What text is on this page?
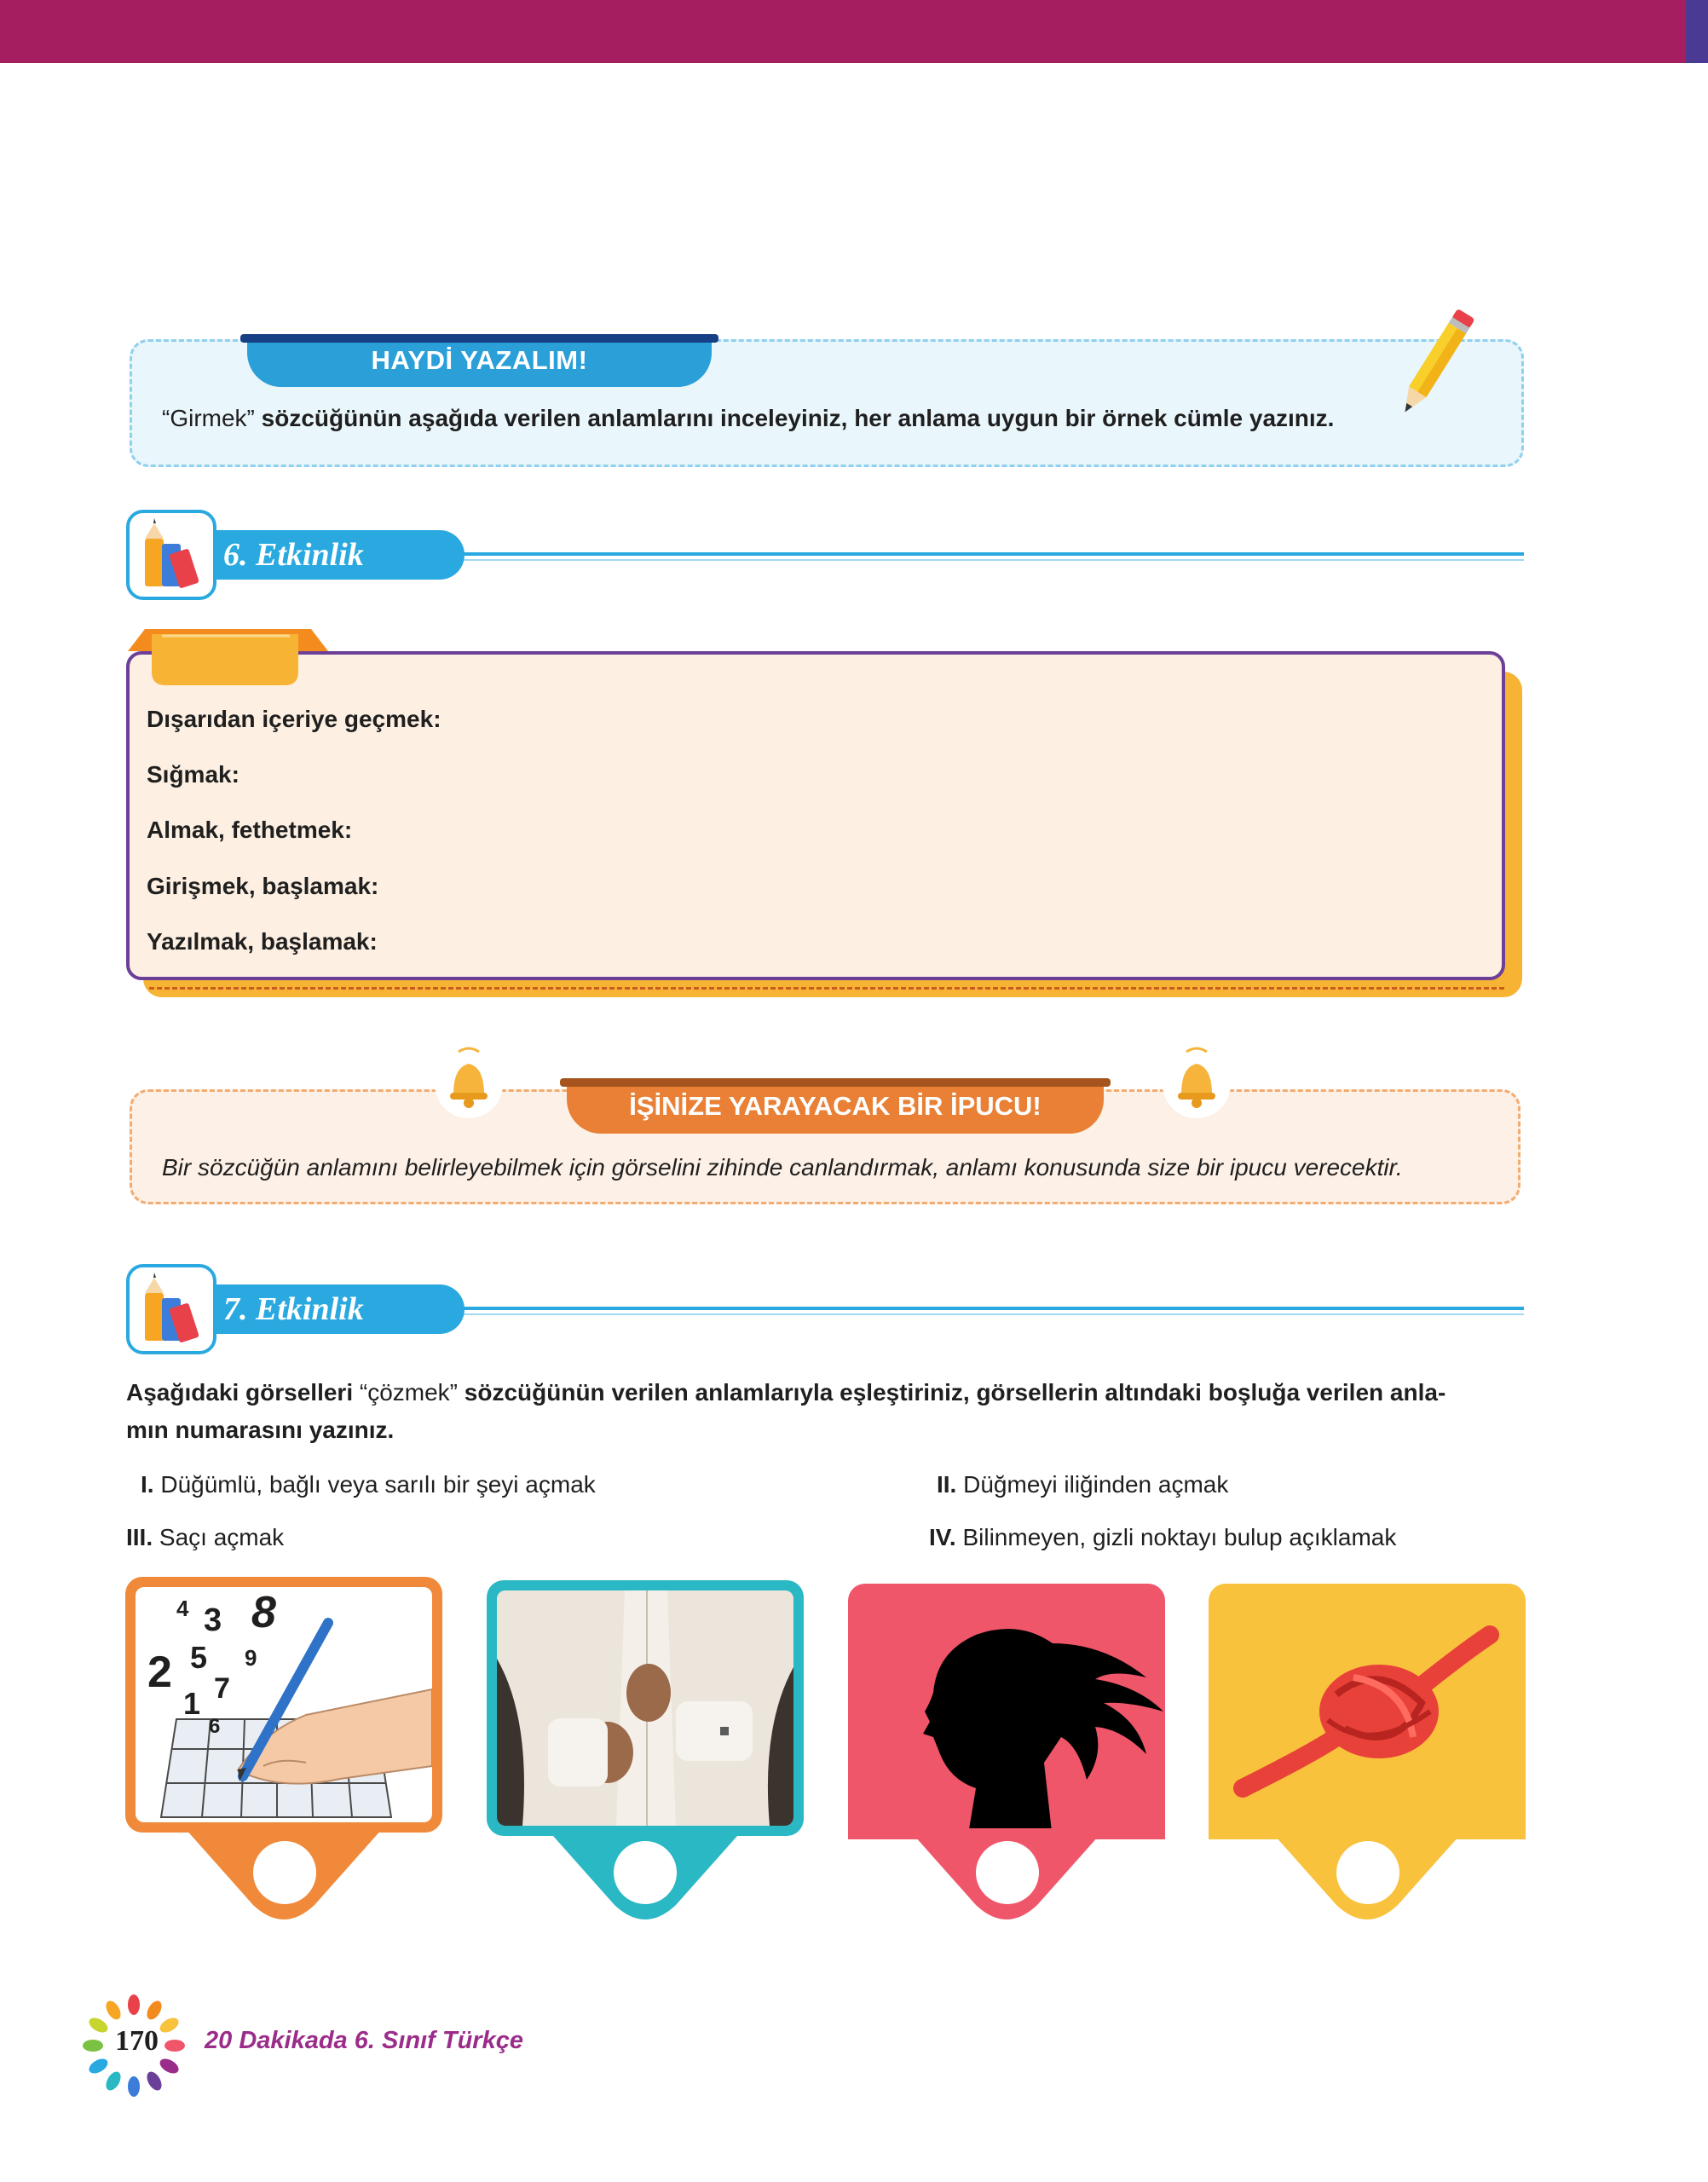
HAYDİ YAZALIM!
“Girmek” sözcüğünün aşağıda verilen anlamlarını inceleyiniz, her anlama uygun bir örnek cümle yazınız.
6. Etkinlik
Dışarıdan içeriye geçmek:
Sığmak:
Almak, fethetmek:
Girişmek, başlamak:
Yazılmak, başlamak:
İŞİNİZE YARAYACAK BİR İPUCU!
Bir sözcüğün anlamını belirleyebilmek için görselini zihinde canlandırmak, anlamı konusunda size bir ipucu verecektir.
7. Etkinlik
Aşağıdaki görselleri “çözmek” sözcüğünün verilen anlamlarıyla eşleştiriniz, görsellerin altındaki boşluğa verilen anla-
mın numarasını yazınız.
I. Düğümlü, bağlı veya sarılı bir şeyi açmak	II. Düğmeyi iliğinden açmak
III. Saçı açmak	IV. Bilinmeyen, gizli noktayı bulup açıklamak
4 3 8
2 5 9
1 7
6
170 20 Dakikada 6. Sınıf Türkçe
